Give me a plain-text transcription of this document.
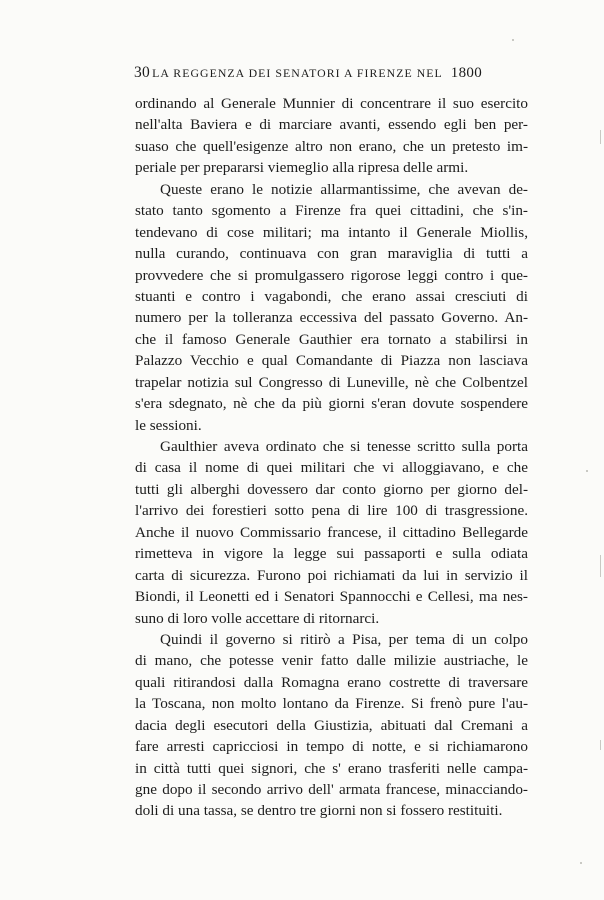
30 LA REGGENZA DEI SENATORI A FIRENZE NEL 1800
ordinando al Generale Munnier di concentrare il suo esercito
nell'alta Baviera e di marciare avanti, essendo egli ben per-
suaso che quell'esigenze altro non erano, che un pretesto im-
periale per prepararsi viemeglio alla ripresa delle armi.
Queste erano le notizie allarmantissime, che avevan de-
stato tanto sgomento a Firenze fra quei cittadini, che s'in-
tendevano di cose militari; ma intanto il Generale Miollis,
nulla curando, continuava con gran maraviglia di tutti a
provvedere che si promulgassero rigorose leggi contro i que-
stuanti e contro i vagabondi, che erano assai cresciuti di
numero per la tolleranza eccessiva del passato Governo. An-
che il famoso Generale Gauthier era tornato a stabilirsi in
Palazzo Vecchio e qual Comandante di Piazza non lasciava
trapelar notizia sul Congresso di Luneville, nè che Colbentzel
s'era sdegnato, nè che da più giorni s'eran dovute sospendere
le sessioni.
Gaulthier aveva ordinato che si tenesse scritto sulla porta
di casa il nome di quei militari che vi alloggiavano, e che
tutti gli alberghi dovessero dar conto giorno per giorno del-
l'arrivo dei forestieri sotto pena di lire 100 di trasgressione.
Anche il nuovo Commissario francese, il cittadino Bellegarde
rimetteva in vigore la legge sui passaporti e sulla odiata
carta di sicurezza. Furono poi richiamati da lui in servizio il
Biondi, il Leonetti ed i Senatori Spannocchi e Cellesi, ma nes-
suno di loro volle accettare di ritornarci.
Quindi il governo si ritirò a Pisa, per tema di un colpo
di mano, che potesse venir fatto dalle milizie austriache, le
quali ritirandosi dalla Romagna erano costrette di traversare
la Toscana, non molto lontano da Firenze. Si frenò pure l'au-
dacia degli esecutori della Giustizia, abituati dal Cremani a
fare arresti capricciosi in tempo di notte, e si richiamarono
in città tutti quei signori, che s' erano trasferiti nelle campa-
gne dopo il secondo arrivo dell' armata francese, minacciando-
doli di una tassa, se dentro tre giorni non si fossero restituiti.
